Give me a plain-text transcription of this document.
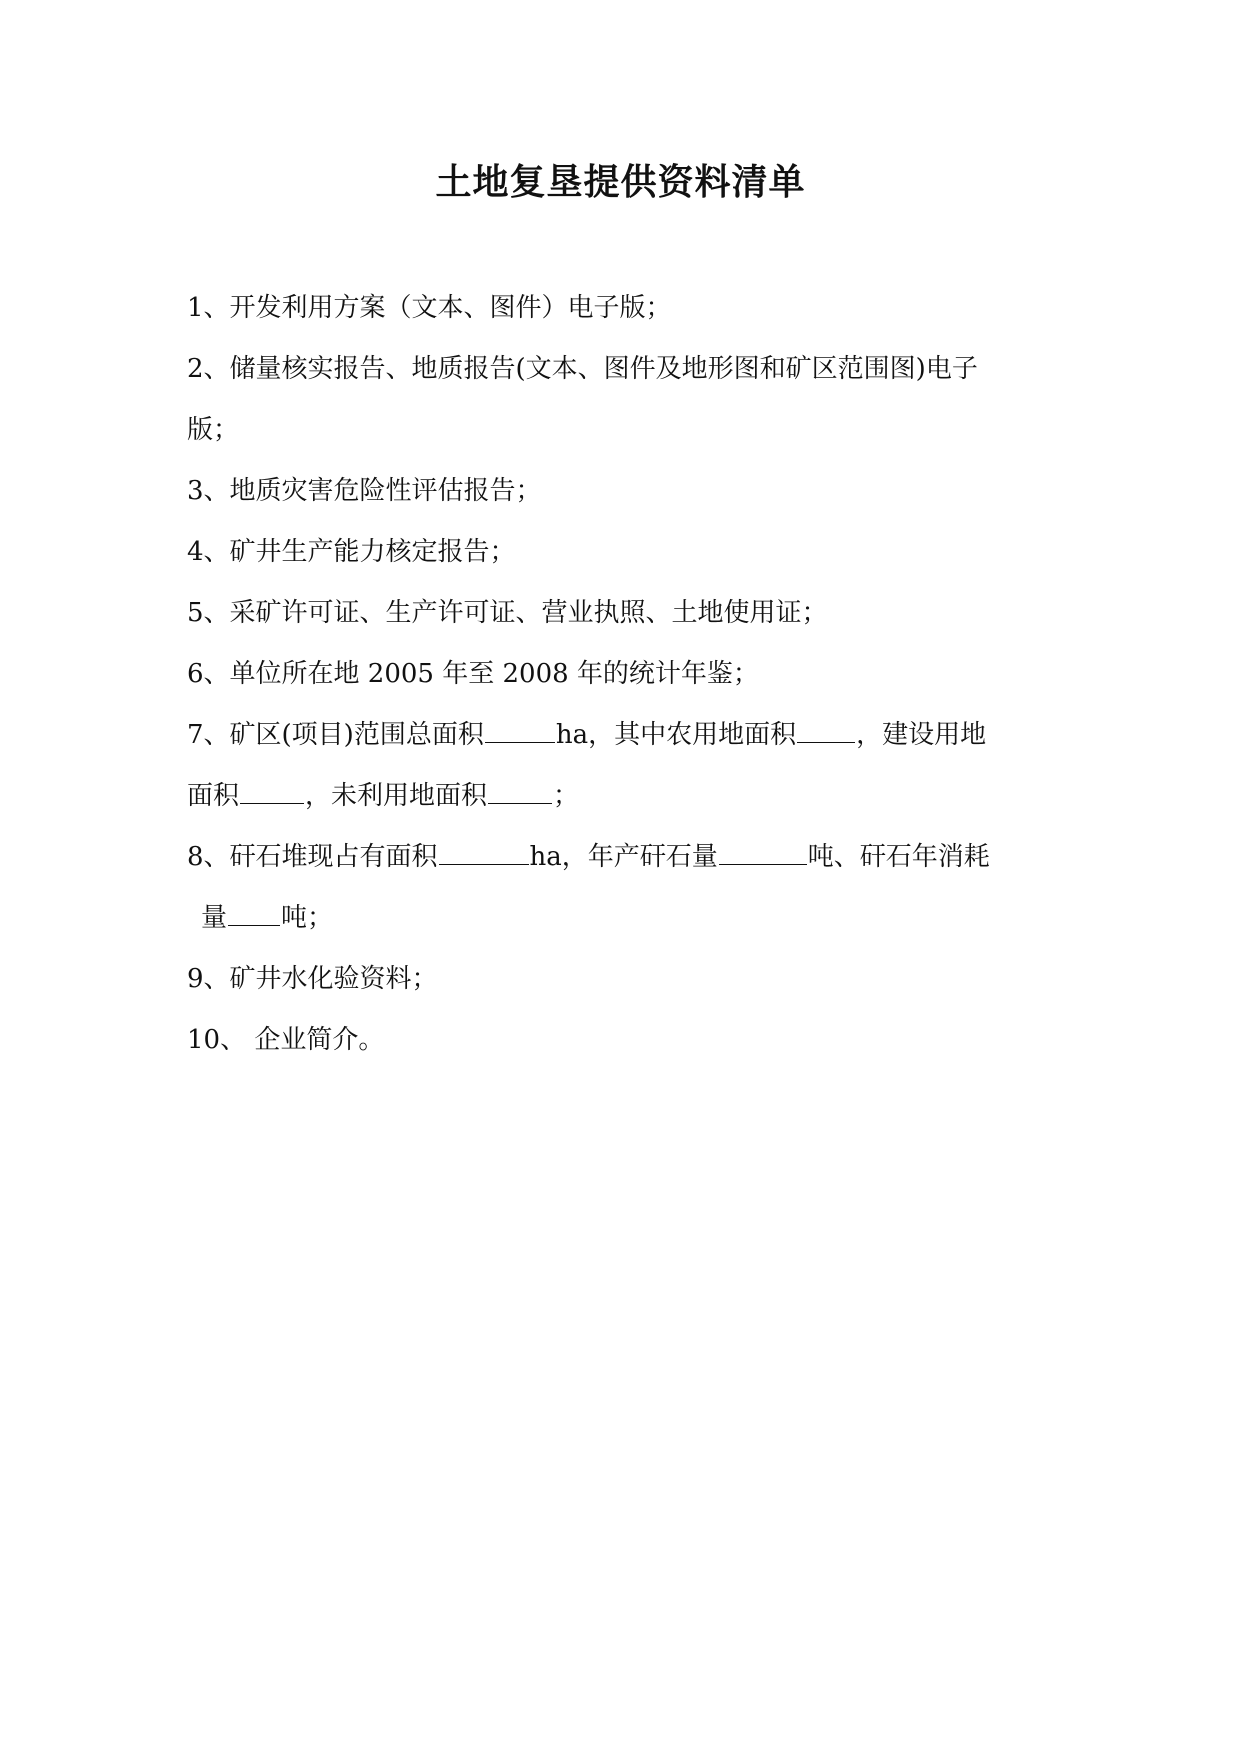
土地复垦提供资料清单
1、开发利用方案（文本、图件）电子版；
2、储量核实报告、地质报告(文本、图件及地形图和矿区范围图)电子
版；
3、地质灾害危险性评估报告；
4、矿井生产能力核定报告；
5、采矿许可证、生产许可证、营业执照、土地使用证；
6、单位所在地 2005 年至 2008 年的统计年鉴；
7、矿区(项目)范围总面积	ha，其中农用地面积 ，建设用地
面积	，未利用地面积	；
8、矸石堆现占有面积	ha，年产矸石量	吨、矸石年消耗
量 吨；
9、矿井水化验资料；
10、 企业简介。
